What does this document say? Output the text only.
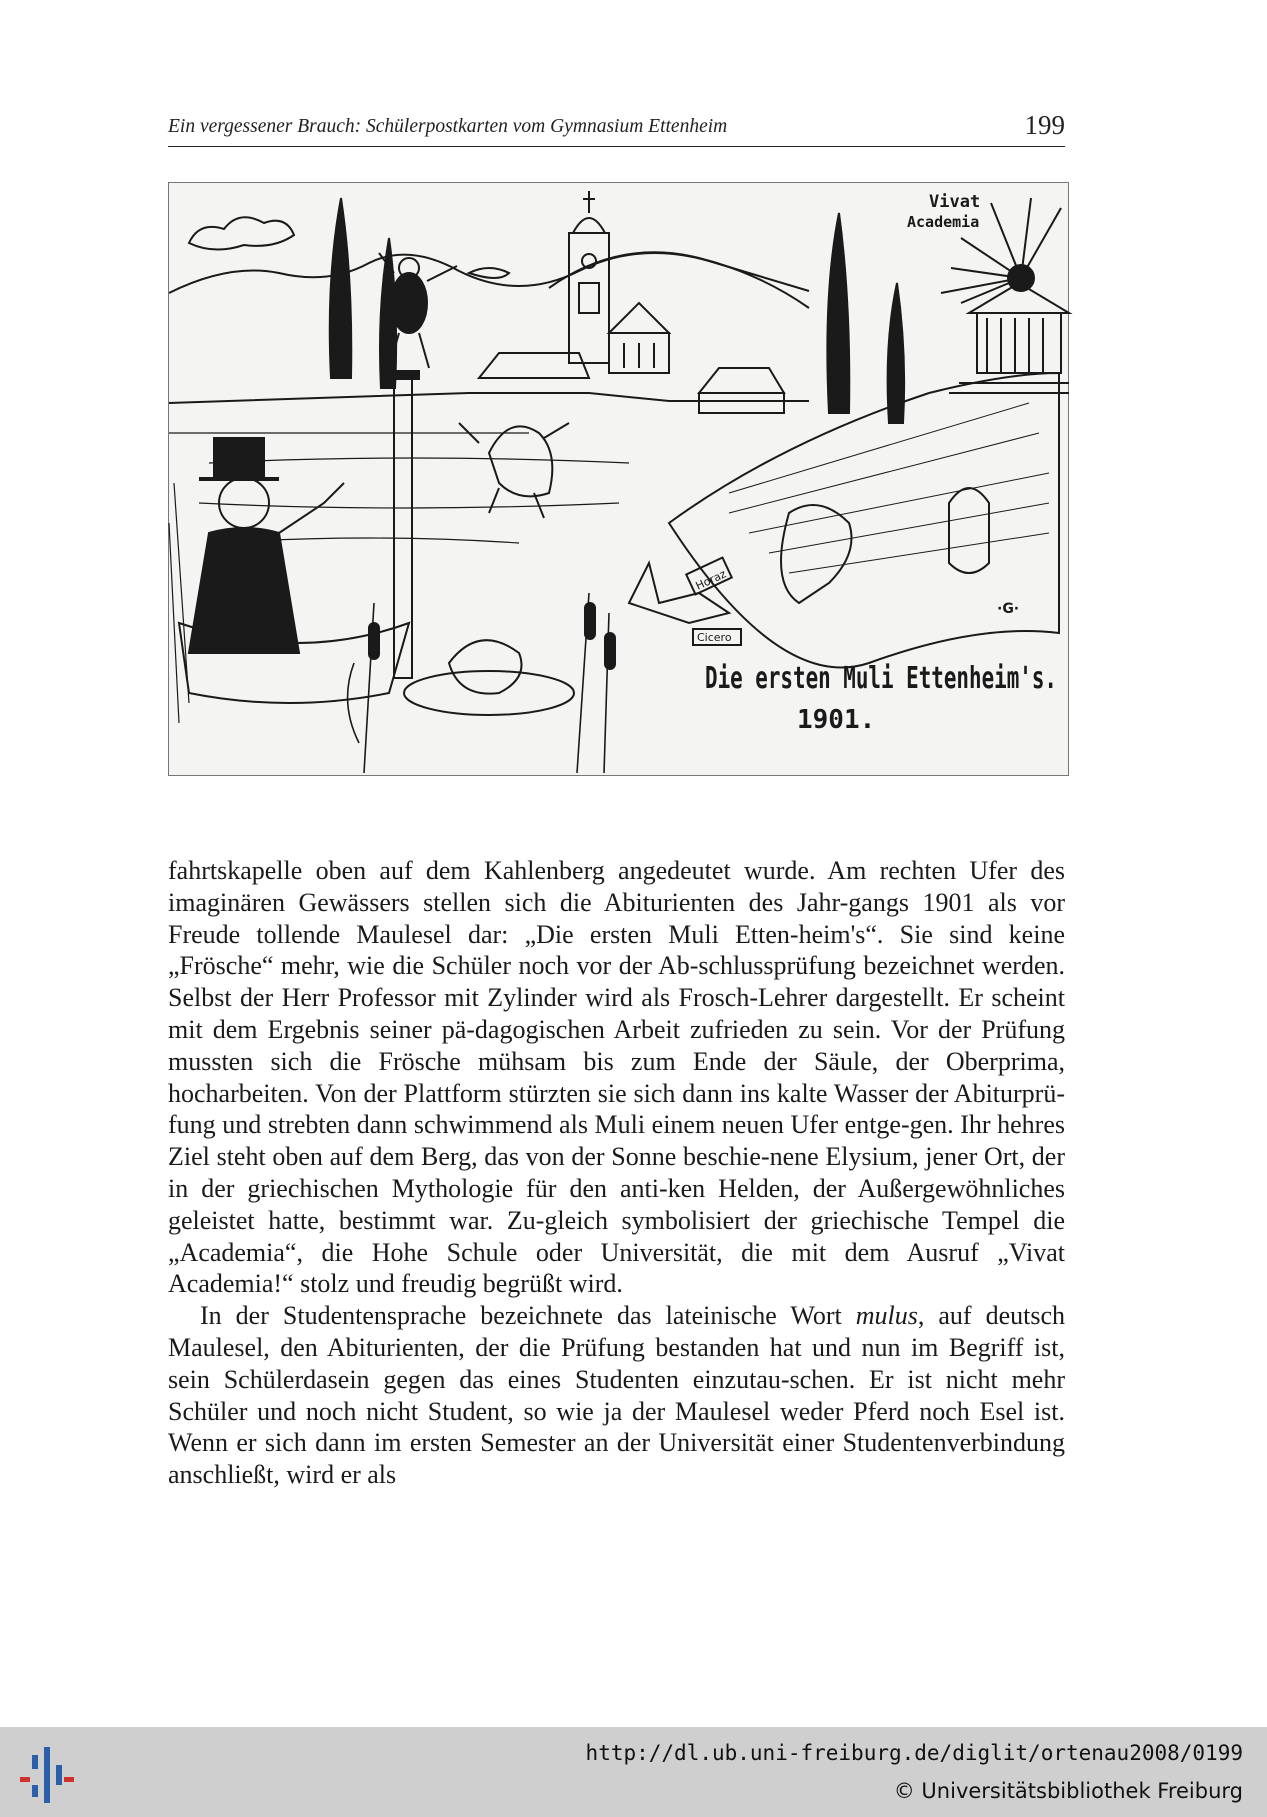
Ein vergessener Brauch: Schülerpostkarten vom Gymnasium Ettenheim	199
Horaz
Cicero
Vivat
Academia
Die ersten Muli Ettenheim's.
1901.
∙G∙

fahrtskapelle oben auf dem Kahlenberg angedeutet wurde. Am rechten Ufer des imaginären Gewässers stellen sich die Abiturienten des Jahr-gangs 1901 als vor Freude tollende Maulesel dar: „Die ersten Muli Etten-heim's“. Sie sind keine „Frösche“ mehr, wie die Schüler noch vor der Ab-schlussprüfung bezeichnet werden. Selbst der Herr Professor mit Zylinder wird als Frosch-Lehrer dargestellt. Er scheint mit dem Ergebnis seiner pä-dagogischen Arbeit zufrieden zu sein. Vor der Prüfung mussten sich die Frösche mühsam bis zum Ende der Säule, der Oberprima, hocharbeiten. Von der Plattform stürzten sie sich dann ins kalte Wasser der Abiturprü-fung und strebten dann schwimmend als Muli einem neuen Ufer entge-gen. Ihr hehres Ziel steht oben auf dem Berg, das von der Sonne beschie-nene Elysium, jener Ort, der in der griechischen Mythologie für den anti-ken Helden, der Außergewöhnliches geleistet hatte, bestimmt war. Zu-gleich symbolisiert der griechische Tempel die „Academia“, die Hohe Schule oder Universität, die mit dem Ausruf „Vivat Academia!“ stolz und freudig begrüßt wird.

In der Studentensprache bezeichnete das lateinische Wort mulus, auf deutsch Maulesel, den Abiturienten, der die Prüfung bestanden hat und nun im Begriff ist, sein Schülerdasein gegen das eines Studenten einzutau-schen. Er ist nicht mehr Schüler und noch nicht Student, so wie ja der Maulesel weder Pferd noch Esel ist. Wenn er sich dann im ersten Semester an der Universität einer Studentenverbindung anschließt, wird er als

http://dl.ub.uni-freiburg.de/diglit/ortenau2008/0199
© Universitätsbibliothek Freiburg
